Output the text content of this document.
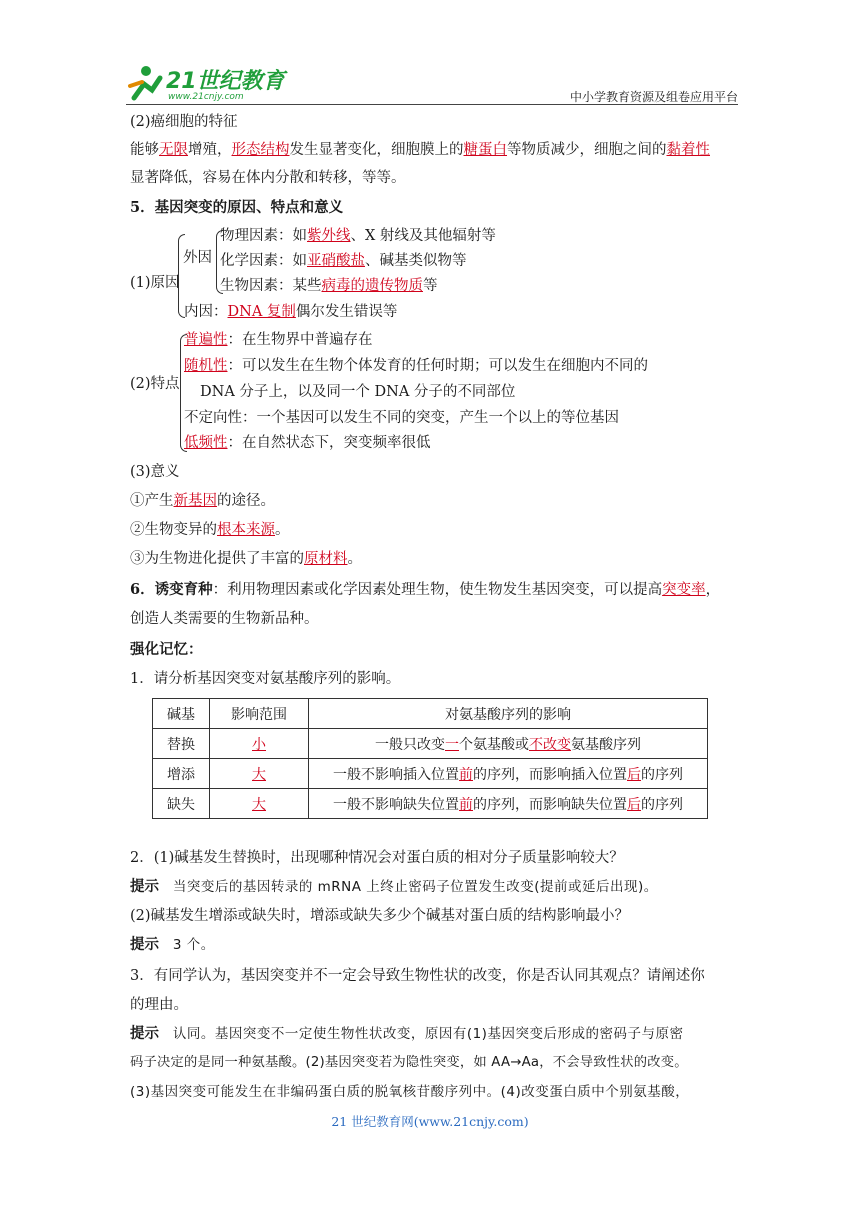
21世纪教育
www.21cnjy.com	中小学教育资源及组卷应用平台
(2)癌细胞的特征
能够无限增殖，形态结构发生显著变化，细胞膜上的糖蛋白等物质减少，细胞之间的黏着性
显著降低，容易在体内分散和转移，等等。
5．基因突变的原因、特点和意义
(1)原因
外因
物理因素：如紫外线、X 射线及其他辐射等
化学因素：如亚硝酸盐、碱基类似物等
生物因素：某些病毒的遗传物质等
内因：DNA 复制偶尔发生错误等
(2)特点
普遍性：在生物界中普遍存在
随机性：可以发生在生物个体发育的任何时期；可以发生在细胞内不同的
DNA 分子上，以及同一个 DNA 分子的不同部位
不定向性：一个基因可以发生不同的突变，产生一个以上的等位基因
低频性：在自然状态下，突变频率很低
(3)意义
①产生新基因的途径。
②生物变异的根本来源。
③为生物进化提供了丰富的原材料。
6．诱变育种：利用物理因素或化学因素处理生物，使生物发生基因突变，可以提高突变率，
创造人类需要的生物新品种。
强化记忆：
1．请分析基因突变对氨基酸序列的影响。
碱基	影响范围	对氨基酸序列的影响
替换	小	一般只改变一个氨基酸或不改变氨基酸序列
增添	大	一般不影响插入位置前的序列，而影响插入位置后的序列
缺失	大	一般不影响缺失位置前的序列，而影响缺失位置后的序列
2．(1)碱基发生替换时，出现哪种情况会对蛋白质的相对分子质量影响较大？
提示 当突变后的基因转录的 mRNA 上终止密码子位置发生改变(提前或延后出现)。
(2)碱基发生增添或缺失时，增添或缺失多少个碱基对蛋白质的结构影响最小？
提示 3 个。
3．有同学认为，基因突变并不一定会导致生物性状的改变，你是否认同其观点？请阐述你
的理由。
提示 认同。基因突变不一定使生物性状改变，原因有(1)基因突变后形成的密码子与原密
码子决定的是同一种氨基酸。(2)基因突变若为隐性突变，如 AA→Aa，不会导致性状的改变。
(3)基因突变可能发生在非编码蛋白质的脱氧核苷酸序列中。(4)改变蛋白质中个别氨基酸，
21 世纪教育网(www.21cnjy.com)
